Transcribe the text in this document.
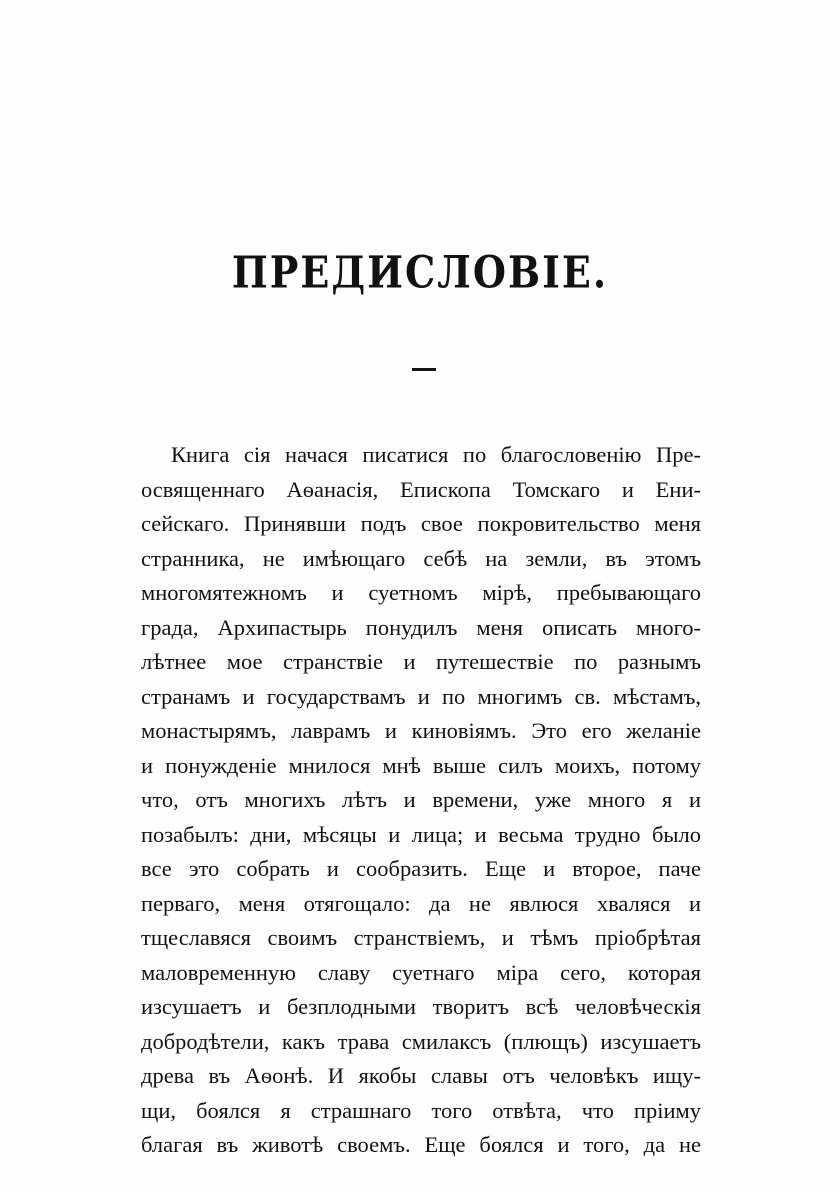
ПРЕДИСЛОВІЕ.
Книга сія начася писатися по благословенію Пре-
освященнаго Аѳанасія, Епископа Томскаго и Ени-
сейскаго. Принявши подъ свое покровительство меня
странника, не имѣющаго себѣ на земли, въ этомъ
многомятежномъ и суетномъ мірѣ, пребывающаго
града, Архипастырь понудилъ меня описать много-
лѣтнее мое странствіе и путешествіе по разнымъ
странамъ и государствамъ и по многимъ св. мѣстамъ,
монастырямъ, лаврамъ и киновіямъ. Это его желаніе
и понужденіе мнилося мнѣ выше силъ моихъ, потому
что, отъ многихъ лѣтъ и времени, уже много я и
позабылъ: дни, мѣсяцы и лица; и весьма трудно было
все это собрать и сообразить. Еще и второе, паче
перваго, меня отягощало: да не явлюся хваляся и
тщеславяся своимъ странствіемъ, и тѣмъ пріобрѣтая
маловременную славу суетнаго міра сего, которая
изсушаетъ и безплодными творитъ всѣ человѣческія
добродѣтели, какъ трава смилаксъ (плющъ) изсушаетъ
древа въ Аѳонѣ. И якобы славы отъ человѣкъ ищу-
щи, боялся я страшнаго того отвѣта, что пріиму
благая въ животѣ своемъ. Еще боялся и того, да не
